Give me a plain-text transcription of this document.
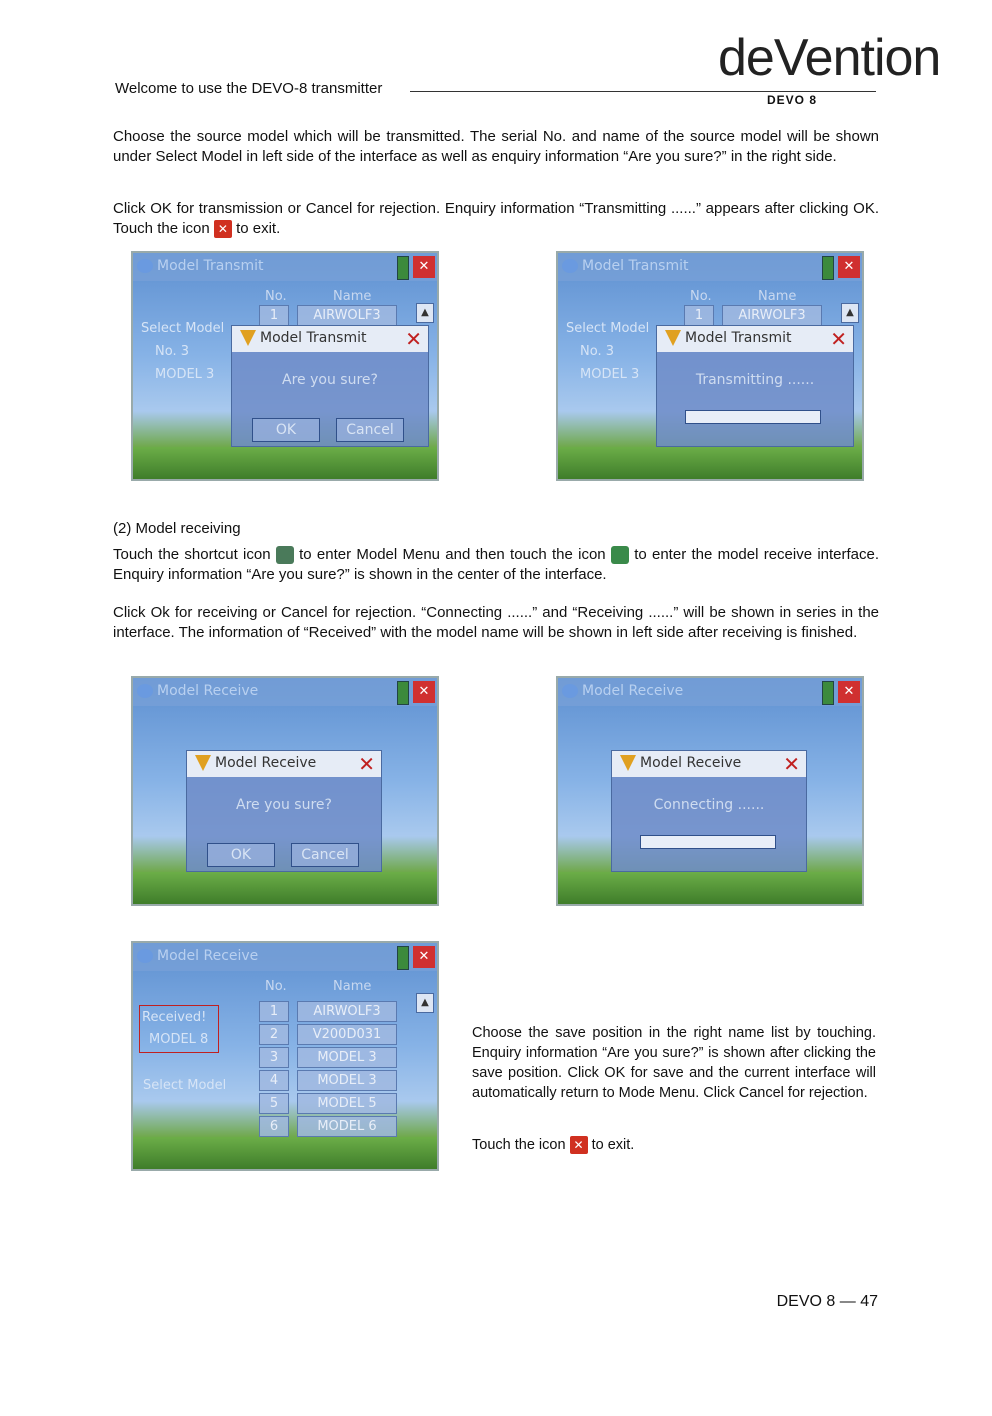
Welcome to use the DEVO-8 transmitter
deVention
DEVO 8
Choose the source model which will be transmitted. The serial No. and name of the source model will be shown under Select Model in left side of the interface as well as enquiry information “Are you sure?” in the right side.
Click OK for transmission or Cancel for rejection. Enquiry information “Transmitting ......” appears after clicking OK. Touch the icon ✕ to exit.
Model Transmit	✕
No.	Name
Select Model
No. 3
MODEL 3
1	AIRWOLF3	▲
Model Transmit ✕
Are you sure?
OK	Cancel
Model Transmit	✕
No.	Name
Select Model
No. 3
MODEL 3
1	AIRWOLF3	▲
Model Transmit ✕
Transmitting ......
(2) Model receiving
Touch the shortcut icon to enter Model Menu and then touch the icon to enter the model receive interface. Enquiry information “Are you sure?” is shown in the center of the interface.
Click Ok for receiving or Cancel for rejection. “Connecting ......” and “Receiving ......” will be shown in series in the interface. The information of “Received” with the model name will be shown in left side after receiving is finished.
Model Receive	✕
Model Receive ✕
Are you sure?
OK	Cancel
Model Receive	✕
Model Receive ✕
Connecting ......
Model Receive	✕
No.	Name
Received!
MODEL 8
Select Model
1	AIRWOLF3
2	V200D031
3	MODEL 3
4	MODEL 3
5	MODEL 5
6	MODEL 6
▲
Choose the save position in the right name list by touching. Enquiry information “Are you sure?” is shown after clicking the save position. Click OK for save and the current interface will automatically return to Mode Menu. Click Cancel for rejection.
Touch the icon ✕ to exit.
DEVO 8 — 47
